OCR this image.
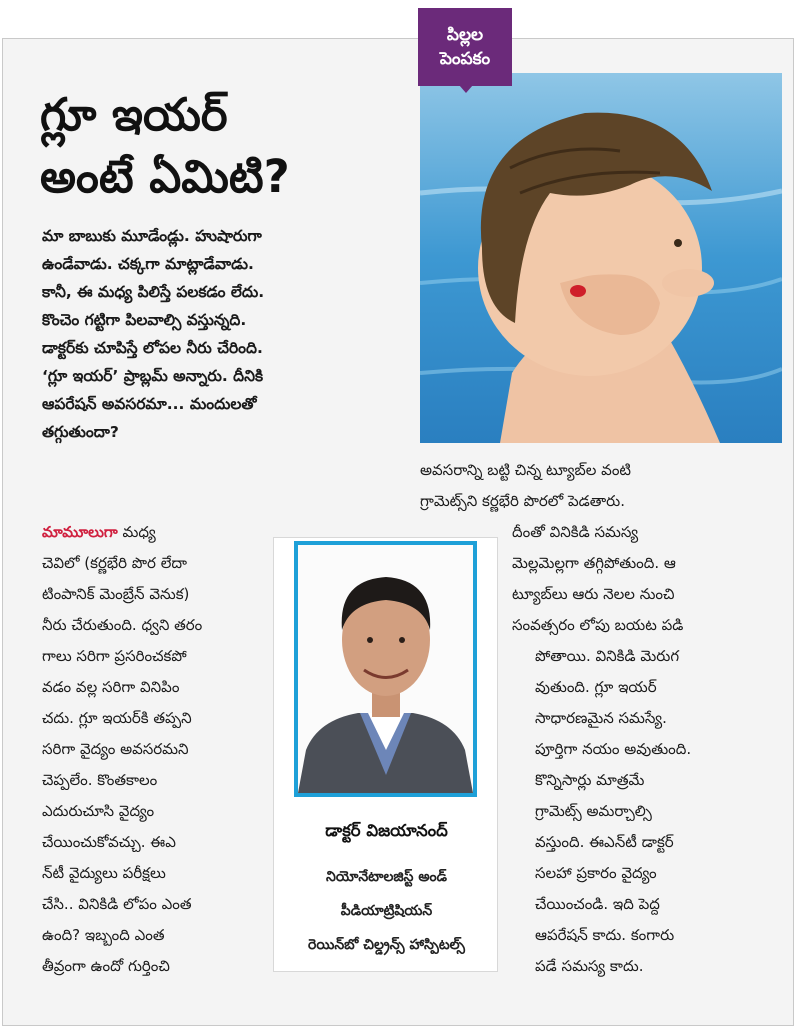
పిల్లల
పెంపకం
గ్లూ ఇయర్
అంటే ఏమిటి?
మా బాబుకు మూడేండ్లు. హుషారుగా
ఉండేవాడు. చక్కగా మాట్లాడేవాడు.
కానీ, ఈ మధ్య పిలిస్తే పలకడం లేదు.
కొంచెం గట్టిగా పిలవాల్సి వస్తున్నది.
డాక్టర్‌కు చూపిస్తే లోపల నీరు చేరింది.
‘గ్లూ ఇయర్’ ప్రాబ్లమ్ అన్నారు. దీనికి
ఆపరేషన్ అవసరమా... మందులతో
తగ్గుతుందా?
మామూలుగా మధ్య
చెవిలో (కర్ణభేరి పొర లేదా
టింపానిక్ మెంబ్రేన్ వెనుక)
నీరు చేరుతుంది. ధ్వని తరం
గాలు సరిగా ప్రసరించకపో
వడం వల్ల సరిగా వినిపిం
చదు. గ్లూ ఇయర్‌కి తప్పని
సరిగా వైద్యం అవసరమని
చెప్పలేం. కొంతకాలం
ఎదురుచూసి వైద్యం
చేయించుకోవచ్చు. ఈఎ
న్‌టీ వైద్యులు పరీక్షలు
చేసి.. వినికిడి లోపం ఎంత
ఉంది? ఇబ్బంది ఎంత
తీవ్రంగా ఉందో గుర్తించి
అవసరాన్ని బట్టి చిన్న ట్యూబ్‌ల వంటి
గ్రామెట్స్‌ని కర్ణభేరి పొరలో పెడతారు.
దీంతో వినికిడి సమస్య
మెల్లమెల్లగా తగ్గిపోతుంది. ఆ
ట్యూబ్‌లు ఆరు నెలల నుంచి
సంవత్సరం లోపు బయట పడి
పోతాయి. వినికిడి మెరుగ
వుతుంది. గ్లూ ఇయర్
సాధారణమైన సమస్యే.
పూర్తిగా నయం అవుతుంది.
కొన్నిసార్లు మాత్రమే
గ్రామెట్స్ అమర్చాల్సి
వస్తుంది. ఈఎన్‌టీ డాక్టర్
సలహా ప్రకారం వైద్యం
చేయించండి. ఇది పెద్ద
ఆపరేషన్ కాదు. కంగారు
పడే సమస్య కాదు.
డాక్టర్ విజయానంద్
నియోనేటాలజిస్ట్ అండ్
పీడియాట్రిషియన్
రెయిన్‌బో చిల్డ్రన్స్ హాస్పిటల్స్
